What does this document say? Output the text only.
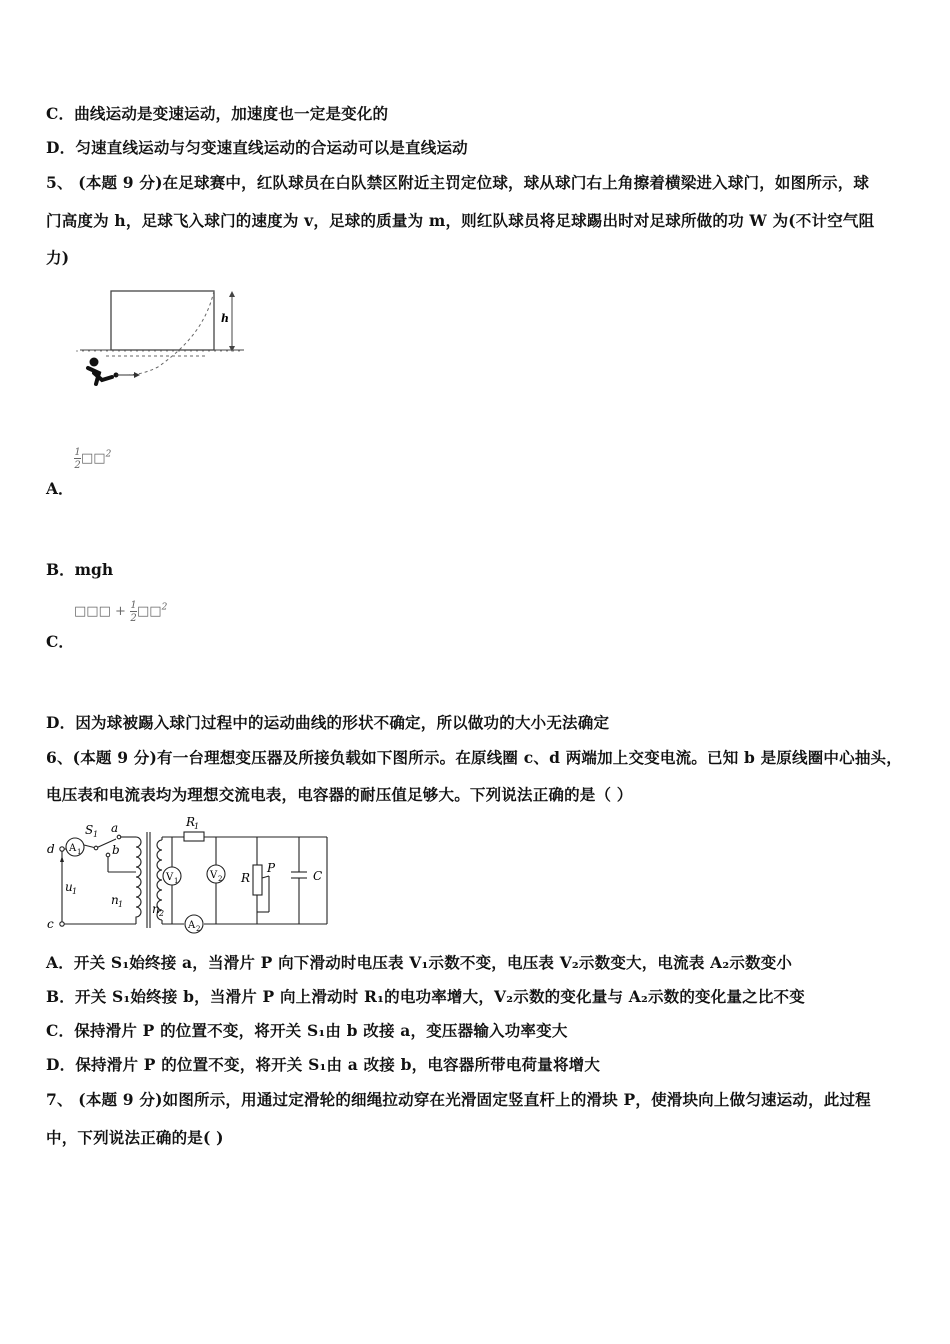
C．曲线运动是变速运动，加速度也一定是变化的
D．匀速直线运动与匀变速直线运动的合运动可以是直线运动
5、 (本题 9 分)在足球赛中，红队球员在白队禁区附近主罚定位球，球从球门右上角擦着横梁进入球门，如图所示，球
门高度为 h，足球飞入球门的速度为 v，足球的质量为 m，则红队球员将足球踢出时对足球所做的功 W 为(不计空气阻
力)
h
$\frac{1}{2}□□^2$
A．
B．mgh
□□□ + $\frac{1}{2}□□^2$
C．
D．因为球被踢入球门过程中的运动曲线的形状不确定，所以做功的大小无法确定
6、(本题 9 分)有一台理想变压器及所接负载如下图所示。在原线圈 c、d 两端加上交变电流。已知 b 是原线圈中心抽头，
电压表和电流表均为理想交流电表，电容器的耐压值足够大。下列说法正确的是（ ）
d
c
S 1 a
b
A 1
u 1
n 1 n 2
R
1
V 1	V 2
A 2
R
P
C
A．开关 S₁始终接 a，当滑片 P 向下滑动时电压表 V₁示数不变，电压表 V₂示数变大，电流表 A₂示数变小
B．开关 S₁始终接 b，当滑片 P 向上滑动时 R₁的电功率增大，V₂示数的变化量与 A₂示数的变化量之比不变
C．保持滑片 P 的位置不变，将开关 S₁由 b 改接 a，变压器输入功率变大
D．保持滑片 P 的位置不变，将开关 S₁由 a 改接 b，电容器所带电荷量将增大
7、 (本题 9 分)如图所示，用通过定滑轮的细绳拉动穿在光滑固定竖直杆上的滑块 P，使滑块向上做匀速运动，此过程
中，下列说法正确的是( )
